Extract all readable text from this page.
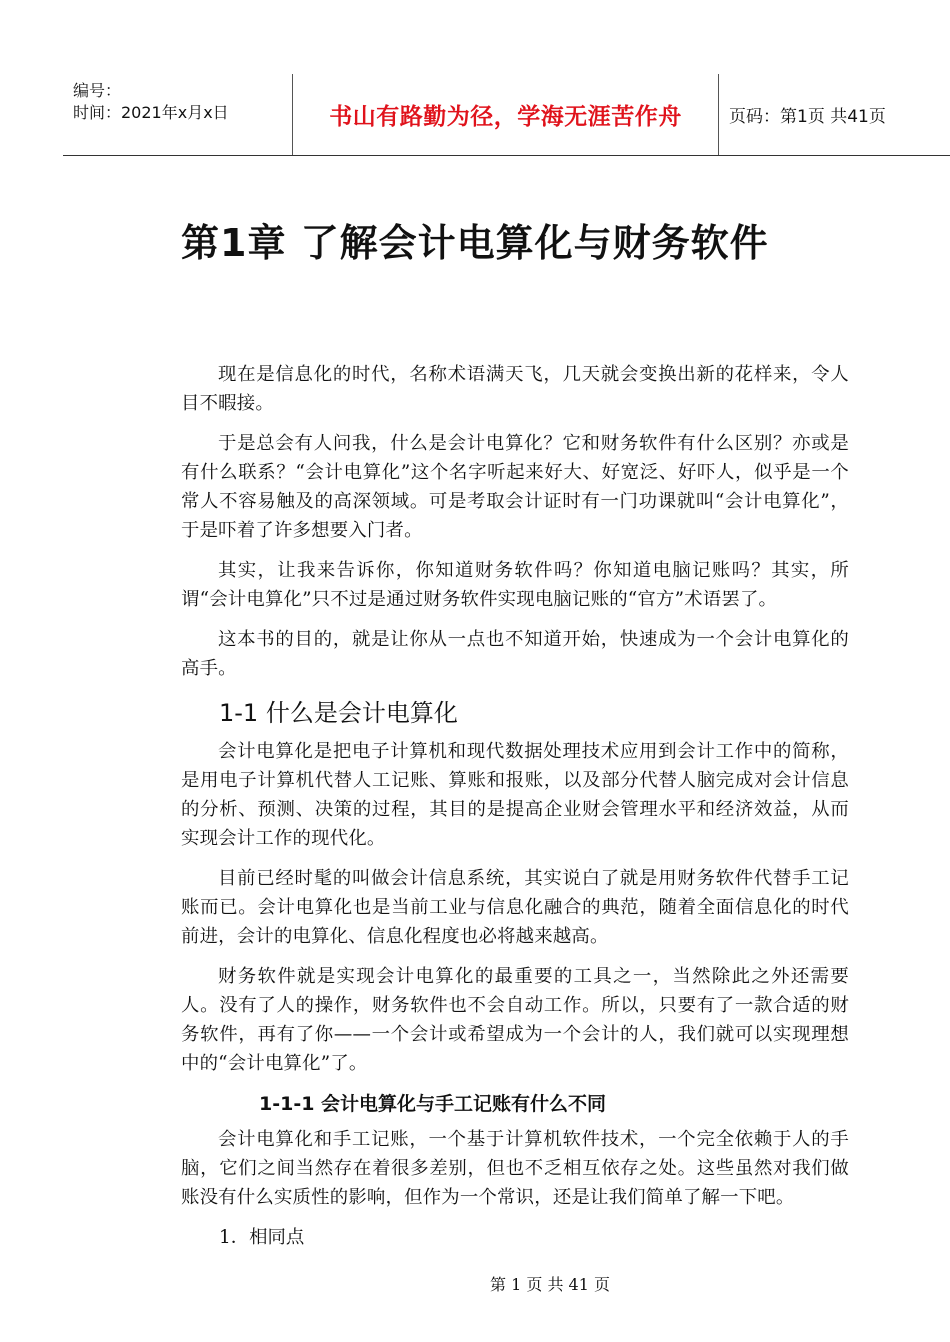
编号：
时间：2021年x月x日	书山有路勤为径，学海无涯苦作舟	页码：第1页 共41页
第1章 了解会计电算化与财务软件

现在是信息化的时代，名称术语满天飞，几天就会变换出新的花样来，令人目不暇接。

于是总会有人问我，什么是会计电算化？它和财务软件有什么区别？亦或是有什么联系？“会计电算化”这个名字听起来好大、好宽泛、好吓人，似乎是一个常人不容易触及的高深领域。可是考取会计证时有一门功课就叫“会计电算化”，于是吓着了许多想要入门者。

其实，让我来告诉你，你知道财务软件吗？你知道电脑记账吗？其实，所谓“会计电算化”只不过是通过财务软件实现电脑记账的“官方”术语罢了。

这本书的目的，就是让你从一点也不知道开始，快速成为一个会计电算化的高手。

1-1 什么是会计电算化

会计电算化是把电子计算机和现代数据处理技术应用到会计工作中的简称，是用电子计算机代替人工记账、算账和报账，以及部分代替人脑完成对会计信息的分析、预测、决策的过程，其目的是提高企业财会管理水平和经济效益，从而实现会计工作的现代化。

目前已经时髦的叫做会计信息系统，其实说白了就是用财务软件代替手工记账而已。会计电算化也是当前工业与信息化融合的典范，随着全面信息化的时代前进，会计的电算化、信息化程度也必将越来越高。

财务软件就是实现会计电算化的最重要的工具之一，当然除此之外还需要人。没有了人的操作，财务软件也不会自动工作。所以，只要有了一款合适的财务软件，再有了你——一个会计或希望成为一个会计的人，我们就可以实现理想中的“会计电算化”了。

1-1-1 会计电算化与手工记账有什么不同

会计电算化和手工记账，一个基于计算机软件技术，一个完全依赖于人的手脑，它们之间当然存在着很多差别，但也不乏相互依存之处。这些虽然对我们做账没有什么实质性的影响，但作为一个常识，还是让我们简单了解一下吧。

1．相同点
第 1 页 共 41 页
